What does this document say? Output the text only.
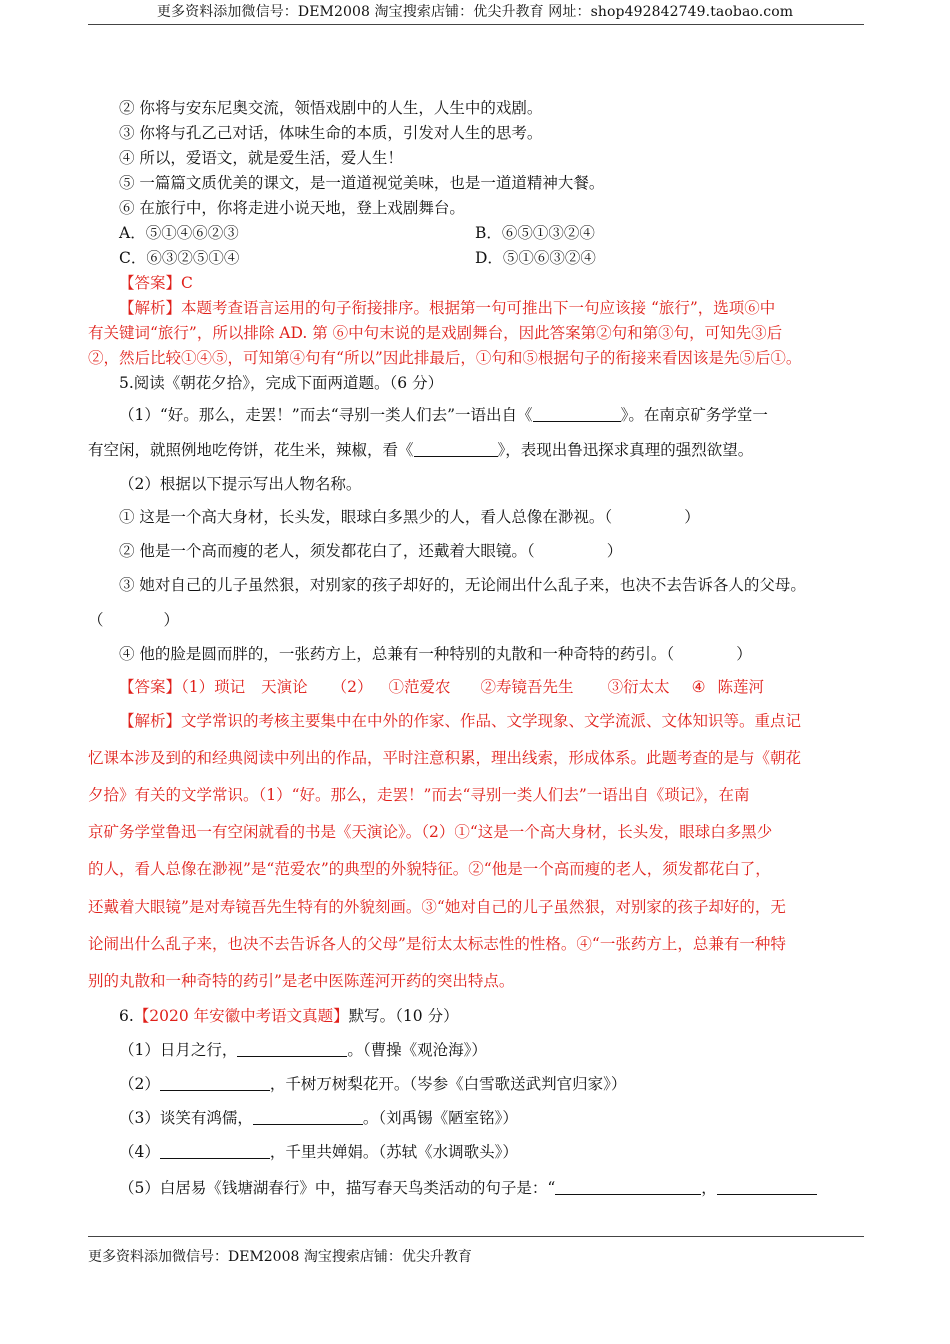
更多资料添加微信号：DEM2008 淘宝搜索店铺：优尖升教育 网址：shop492842749.taobao.com
② 你将与安东尼奥交流，领悟戏剧中的人生，人生中的戏剧。
③ 你将与孔乙己对话，体味生命的本质，引发对人生的思考。
④ 所以，爱语文，就是爱生活，爱人生！
⑤ 一篇篇文质优美的课文，是一道道视觉美味，也是一道道精神大餐。
⑥ 在旅行中，你将走进小说天地，登上戏剧舞台。
A．⑤①④⑥②③	B．⑥⑤①③②④
C．⑥③②⑤①④	D．⑤①⑥③②④
【答案】C
【解析】本题考查语言运用的句子衔接排序。根据第一句可推出下一句应该接 “旅行”，选项⑥中
有关键词“旅行”，所以排除 AD. 第 ⑥中句末说的是戏剧舞台，因此答案第②句和第③句，可知先③后
②，然后比较①④⑤，可知第④句有“所以”因此排最后，①句和⑤根据句子的衔接来看因该是先⑤后①。
5.阅读《朝花夕拾》，完成下面两道题。（6 分）
（1）“好。那么，走罢！”而去“寻别一类人们去”一语出自《	》。在南京矿务学堂一
有空闲，就照例地吃侉饼，花生米，辣椒，看《	》，表现出鲁迅探求真理的强烈欲望。
（2）根据以下提示写出人物名称。
① 这是一个高大身材，长头发，眼球白多黑少的人，看人总像在渺视。（	）
② 他是一个高而瘦的老人，须发都花白了，还戴着大眼镜。（	）
③ 她对自己的儿子虽然狠，对别家的孩子却好的，无论闹出什么乱子来，也决不去告诉各人的父母。
（	）
④ 他的脸是圆而胖的，一张药方上，总兼有一种特别的丸散和一种奇特的药引。（	）
【答案】（1）琐记 天演论 （2） ①范爱农 ②寿镜吾先生 ③衍太太 ④ 陈莲河
【解析】文学常识的考核主要集中在中外的作家、作品、文学现象、文学流派、文体知识等。重点记
忆课本涉及到的和经典阅读中列出的作品，平时注意积累，理出线索，形成体系。此题考查的是与《朝花
夕拾》有关的文学常识。（1）“好。那么，走罢！”而去“寻别一类人们去”一语出自《琐记》，在南
京矿务学堂鲁迅一有空闲就看的书是《天演论》。（2）①“这是一个高大身材，长头发，眼球白多黑少
的人，看人总像在渺视”是“范爱农”的典型的外貌特征。②“他是一个高而瘦的老人，须发都花白了，
还戴着大眼镜”是对寿镜吾先生特有的外貌刻画。③“她对自己的儿子虽然狠，对别家的孩子却好的，无
论闹出什么乱子来，也决不去告诉各人的父母”是衍太太标志性的性格。④“一张药方上，总兼有一种特
别的丸散和一种奇特的药引”是老中医陈莲河开药的突出特点。
6.【2020 年安徽中考语文真题】默写。（10 分）
（1）日月之行，	。（曹操《观沧海》）
（2）	，千树万树梨花开。（岑参《白雪歌送武判官归家》）
（3）谈笑有鸿儒，	。（刘禹锡《陋室铭》）
（4）	，千里共婵娟。（苏轼《水调歌头》）
（5）白居易《钱塘湖春行》中，描写春天鸟类活动的句子是：“	，
更多资料添加微信号：DEM2008 淘宝搜索店铺：优尖升教育
